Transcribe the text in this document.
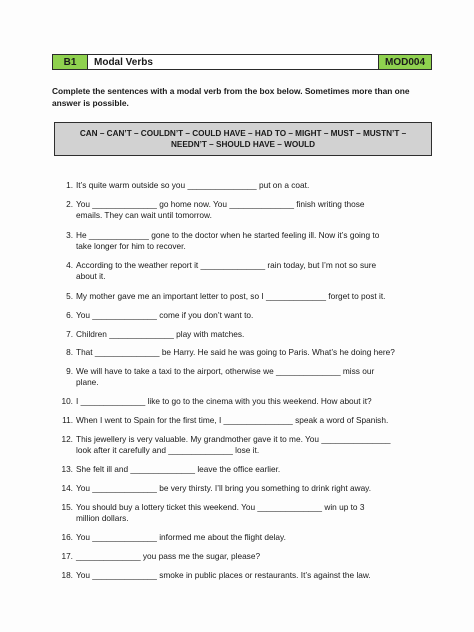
B1	Modal Verbs	MOD004
Complete the sentences with a modal verb from the box below. Sometimes more than one answer is possible.
CAN – CAN’T – COULDN’T – COULD HAVE – HAD TO – MIGHT – MUST – MUSTN’T –
NEEDN’T – SHOULD HAVE – WOULD
1. It’s quite warm outside so you _______________ put on a coat.
2. You ______________ go home now. You ______________ finish writing those
emails. They can wait until tomorrow.
3. He _____________ gone to the doctor when he started feeling ill. Now it’s going to
take longer for him to recover.
4. According to the weather report it ______________ rain today, but I’m not so sure
about it.
5. My mother gave me an important letter to post, so I _____________ forget to post it.
6. You ______________ come if you don’t want to.
7. Children ______________ play with matches.
8. That ______________ be Harry. He said he was going to Paris. What’s he doing here?
9. We will have to take a taxi to the airport, otherwise we ______________ miss our
plane.
10. I ______________ like to go to the cinema with you this weekend. How about it?
11. When I went to Spain for the first time, I _______________ speak a word of Spanish.
12. This jewellery is very valuable. My grandmother gave it to me. You _______________
look after it carefully and ______________ lose it.
13. She felt ill and ______________ leave the office earlier.
14. You ______________ be very thirsty. I’ll bring you something to drink right away.
15. You should buy a lottery ticket this weekend. You ______________ win up to 3
million dollars.
16. You ______________ informed me about the flight delay.
17. ______________ you pass me the sugar, please?
18. You ______________ smoke in public places or restaurants. It’s against the law.
